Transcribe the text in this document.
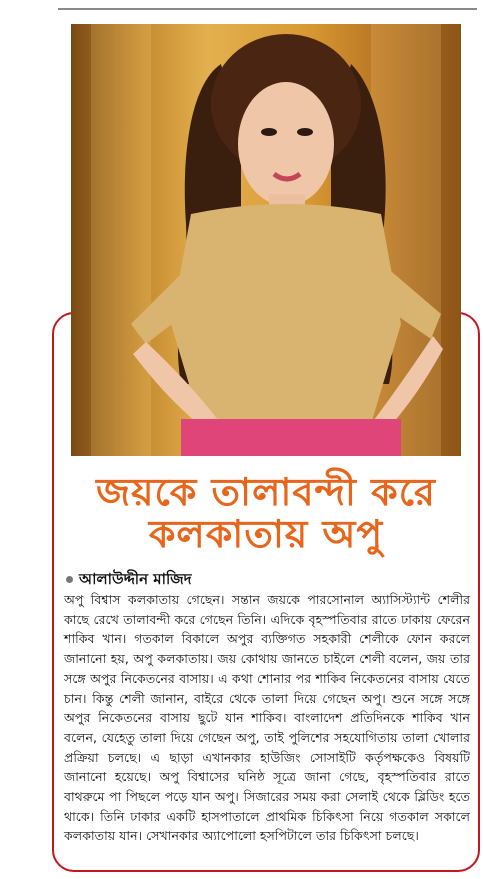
জয়কে তালাবন্দী করে
কলকাতায় অপু
আলাউদ্দীন মাজিদ
অপু বিশ্বাস কলকাতায় গেছেন। সন্তান জয়কে পারসোনাল অ্যাসিস্ট্যান্ট শেলীর কাছে রেখে তালাবন্দী করে গেছেন তিনি। এদিকে বৃহস্পতিবার রাতে ঢাকায় ফেরেন শাকিব খান। গতকাল বিকালে অপুর ব্যক্তিগত সহকারী শেলীকে ফোন করলে জানানো হয়, অপু কলকাতায়। জয় কোথায় জানতে চাইলে শেলী বলেন, জয় তার সঙ্গে অপুর নিকেতনের বাসায়। এ কথা শোনার পর শাকিব নিকেতনের বাসায় যেতে চান। কিন্তু শেলী জানান, বাইরে থেকে তালা দিয়ে গেছেন অপু। শুনে সঙ্গে সঙ্গে অপুর নিকেতনের বাসায় ছুটে যান শাকিব। বাংলাদেশ প্রতিদিনকে শাকিব খান বলেন, যেহেতু তালা দিয়ে গেছেন অপু, তাই পুলিশের সহযোগিতায় তালা খোলার প্রক্রিয়া চলছে। এ ছাড়া এখানকার হাউজিং সোসাইটি কর্তৃপক্ষকেও বিষয়টি জানানো হয়েছে। অপু বিশ্বাসের ঘনিষ্ঠ সূত্রে জানা গেছে, বৃহস্পতিবার রাতে বাথরুমে পা পিছলে পড়ে যান অপু। সিজারের সময় করা সেলাই থেকে ব্লিডিং হতে থাকে। তিনি ঢাকার একটি হাসপাতালে প্রাথমিক চিকিৎসা নিয়ে গতকাল সকালে কলকাতায় যান। সেখানকার অ্যাপোলো হসপিটালে তার চিকিৎসা চলছে।
